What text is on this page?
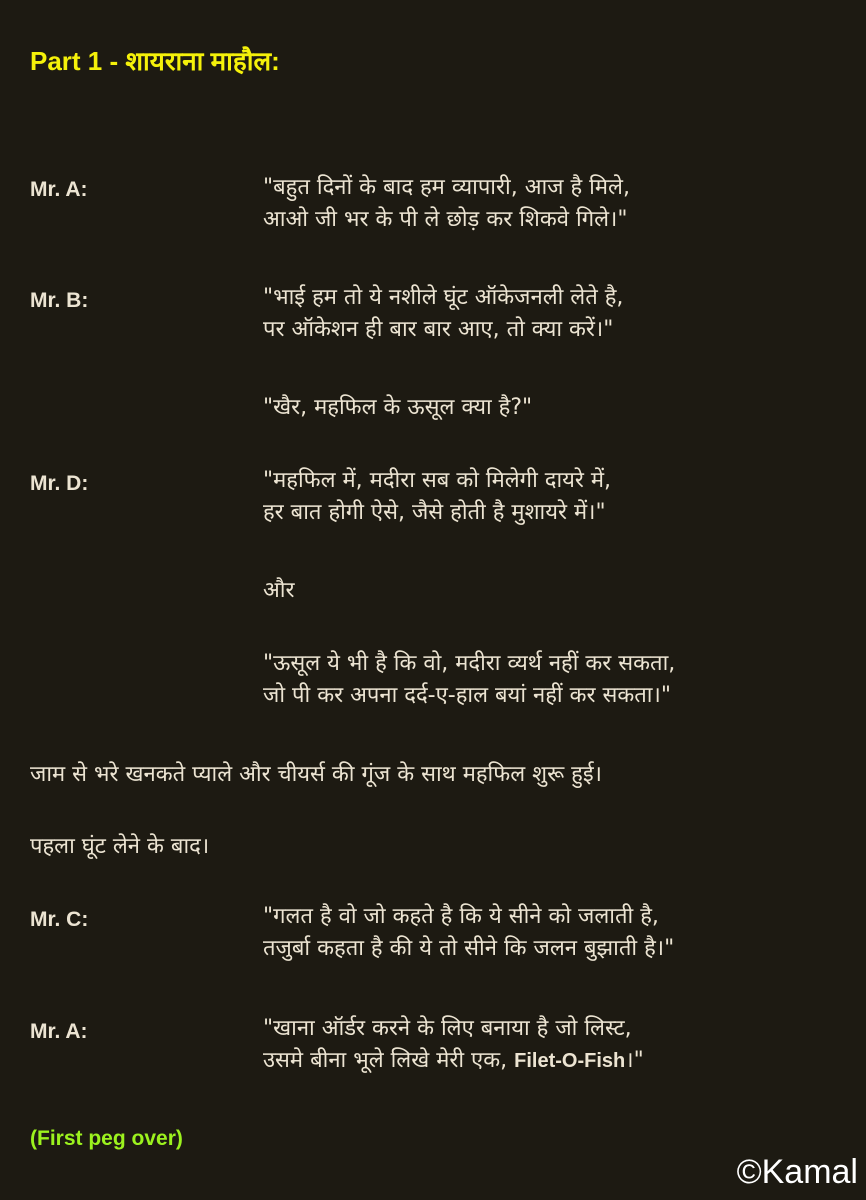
Part 1 - शायराना माहौल:
Mr. A:	"बहुत दिनों के बाद हम व्यापारी, आज है मिले,
आओ जी भर के पी ले छोड़ कर शिकवे गिले।"
Mr. B:	"भाई हम तो ये नशीले घूंट ऑकेजनली लेते है,
पर ऑकेशन ही बार बार आए, तो क्या करें।"
"खैर, महफिल के ऊसूल क्या है?"
Mr. D:	"महफिल में, मदीरा सब को मिलेगी दायरे में,
हर बात होगी ऐसे, जैसे होती है मुशायरे में।"
और
"ऊसूल ये भी है कि वो, मदीरा व्यर्थ नहीं कर सकता,
जो पी कर अपना दर्द-ए-हाल बयां नहीं कर सकता।"
जाम से भरे खनकते प्याले और चीयर्स की गूंज के साथ महफिल शुरू हुई।
पहला घूंट लेने के बाद।
Mr. C:	"गलत है वो जो कहते है कि ये सीने को जलाती है,
तजुर्बा कहता है की ये तो सीने कि जलन बुझाती है।"
Mr. A:	"खाना ऑर्डर करने के लिए बनाया है जो लिस्ट,
उसमे बीना भूले लिखे मेरी एक, Filet-O-Fish।"
(First peg over)
©Kamal
